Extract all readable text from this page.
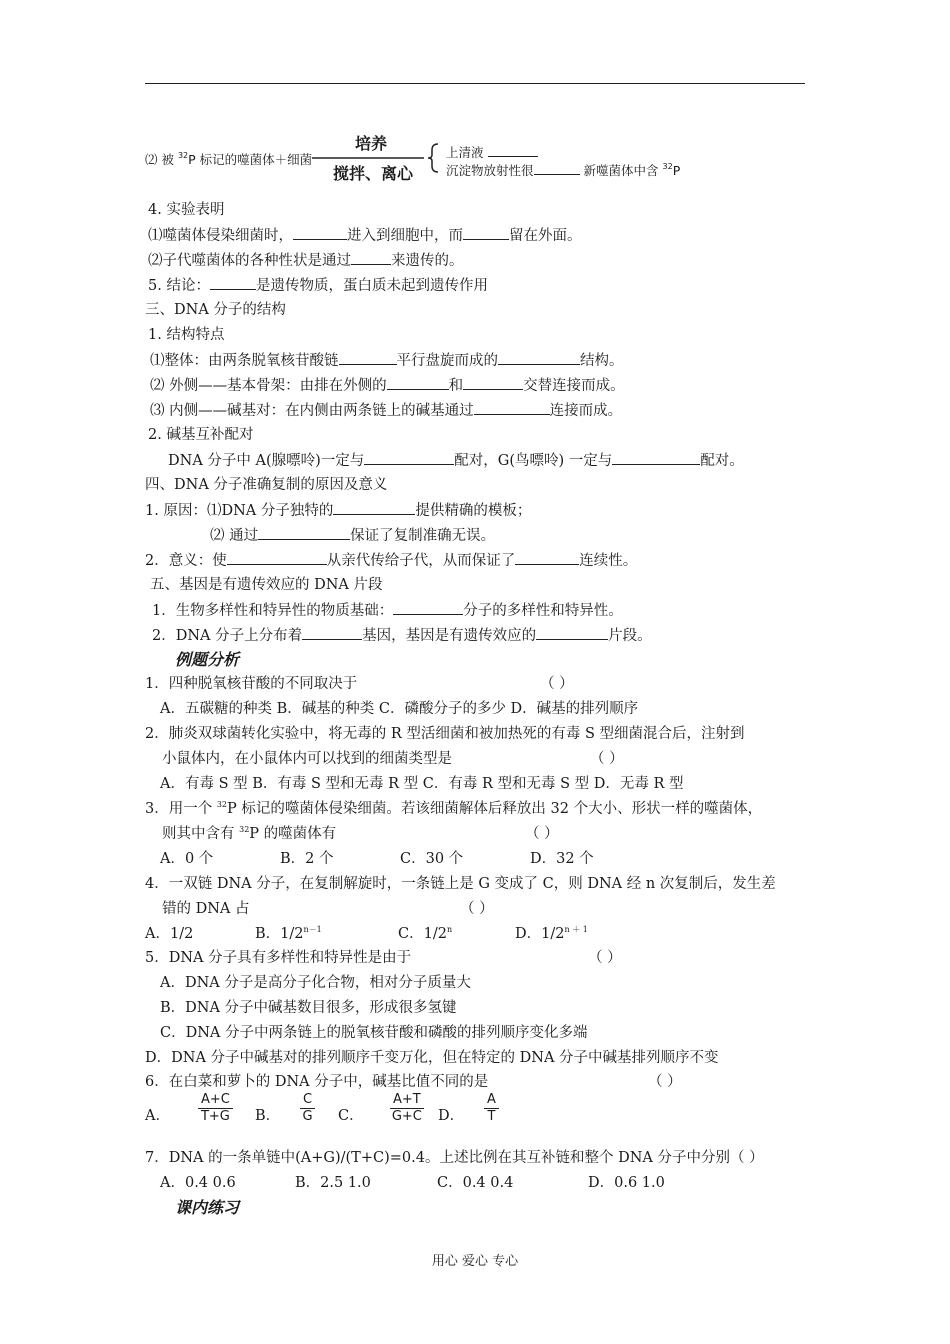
⑵ 被 $^{32}$P 标记的噬菌体＋细菌
培养
搅拌、离心
上清液
沉淀物放射性很	新噬菌体中含 $^{32}$P
4. 实验表明
⑴噬菌体侵染细菌时，	进入到细胞中，而	留在外面。
⑵子代噬菌体的各种性状是通过	来遗传的。
5. 结论：	是遗传物质，蛋白质未起到遗传作用
三、DNA 分子的结构
1. 结构特点
⑴整体：由两条脱氧核苷酸链	平行盘旋而成的	结构。
⑵ 外侧——基本骨架：由排在外侧的	和	交替连接而成。
⑶ 内侧——碱基对：在内侧由两条链上的碱基通过	连接而成。
2. 碱基互补配对
DNA 分子中 A(腺嘌呤)一定与	配对，G(鸟嘌呤) 一定与	配对。
四、DNA 分子准确复制的原因及意义
1. 原因：⑴DNA 分子独特的	提供精确的模板；
⑵ 通过	保证了复制准确无误。
2．意义：使	从亲代传给子代，从而保证了	连续性。
五、基因是有遗传效应的 DNA 片段
1．生物多样性和特异性的物质基础：	分子的多样性和特异性。
2．DNA 分子上分布着	基因，基因是有遗传效应的	片段。
例题分析
1．四种脱氧核苷酸的不同取决于	（ ）
A．五碳糖的种类 B．碱基的种类 C．磷酸分子的多少 D．碱基的排列顺序
2．肺炎双球菌转化实验中，将无毒的 R 型活细菌和被加热死的有毒 S 型细菌混合后，注射到
小鼠体内，在小鼠体内可以找到的细菌类型是	（ ）
A．有毒 S 型 B．有毒 S 型和无毒 R 型 C．有毒 R 型和无毒 S 型 D．无毒 R 型
3．用一个 $^{32}$P 标记的噬菌体侵染细菌。若该细菌解体后释放出 32 个大小、形状一样的噬菌体，
则其中含有 $^{32}$P 的噬菌体有	（ ）
A．0 个	B．2 个	C．30 个	D．32 个
4．一双链 DNA 分子，在复制解旋时，一条链上是 G 变成了 C，则 DNA 经 n 次复制后，发生差
错的 DNA 占	（ ）
A．1/2	B．$1/2^{n-1}$	C．1/2$^n$	D．$1/2^{n + 1}$
5．DNA 分子具有多样性和特异性是由于	（ ）
A．DNA 分子是高分子化合物，相对分子质量大
B．DNA 分子中碱基数目很多，形成很多氢键
C．DNA 分子中两条链上的脱氧核苷酸和磷酸的排列顺序变化多端
D．DNA 分子中碱基对的排列顺序千变万化，但在特定的 DNA 分子中碱基排列顺序不变
6．在白菜和萝卜的 DNA 分子中，碱基比值不同的是	（ ）
A． $\frac{A+C}{T+G}$ B． $\frac{C}{G}$ C． $\frac{A+T}{G+C}$ D． $\frac{A}{T}$
7．DNA 的一条单链中(A+G)/(T+C)=0.4。上述比例在其互补链和整个 DNA 分子中分别（ ）
A．0.4 0.6	B．2.5 1.0	C．0.4 0.4	D．0.6 1.0
课内练习
用心 爱心 专心
